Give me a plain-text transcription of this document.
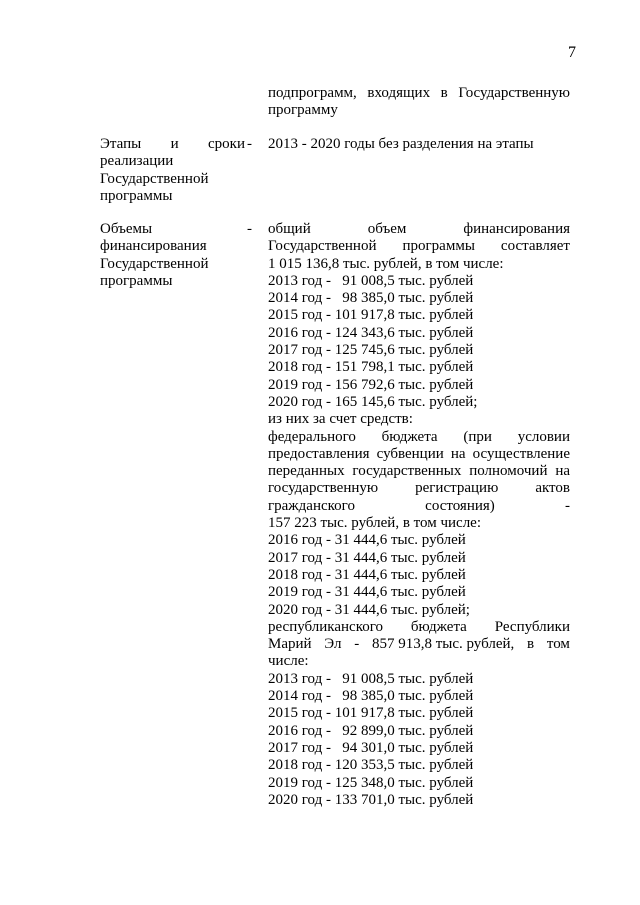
7
подпрограмм, входящих в Государственную
программу
Этапы и сроки
реализации
Государственной
программы
-	2013 - 2020 годы без разделения на этапы
Объемы
финансирования
Государственной
программы
-	общий	объем	финансирования
Государственной программы составляет
1 015 136,8 тыс. рублей, в том числе:
2013 год -   91 008,5 тыс. рублей
2014 год -   98 385,0 тыс. рублей
2015 год - 101 917,8 тыс. рублей
2016 год - 124 343,6 тыс. рублей
2017 год - 125 745,6 тыс. рублей
2018 год - 151 798,1 тыс. рублей
2019 год - 156 792,6 тыс. рублей
2020 год - 165 145,6 тыс. рублей;
из них за счет средств:
федерального бюджета (при условии
предоставления субвенции на осуществление
переданных государственных полномочий на
государственную регистрацию актов
гражданского	состояния)	-
157 223 тыс. рублей, в том числе:
2016 год - 31 444,6 тыс. рублей
2017 год - 31 444,6 тыс. рублей
2018 год - 31 444,6 тыс. рублей
2019 год - 31 444,6 тыс. рублей
2020 год - 31 444,6 тыс. рублей;
республиканского бюджета Республики
Марий Эл - 857 913,8 тыс. рублей, в том
числе:
2013 год -   91 008,5 тыс. рублей
2014 год -   98 385,0 тыс. рублей
2015 год - 101 917,8 тыс. рублей
2016 год -   92 899,0 тыс. рублей
2017 год -   94 301,0 тыс. рублей
2018 год - 120 353,5 тыс. рублей
2019 год - 125 348,0 тыс. рублей
2020 год - 133 701,0 тыс. рублей
